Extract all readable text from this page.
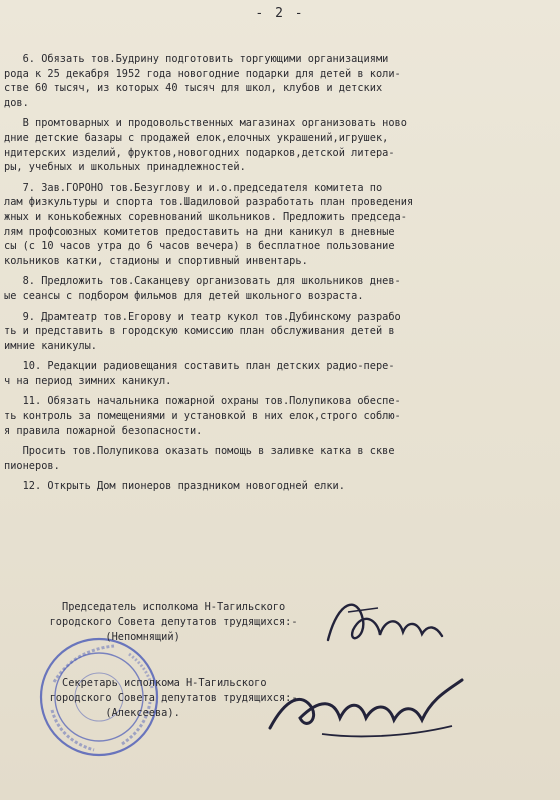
- 2 -
6. Обязать тов.Будрину подготовить торгующими организациями
рода к 25 декабря 1952 года новогодние подарки для детей в коли-
стве 60 тысяч, из которых 40 тысяч для школ, клубов и детских
дов.
В промтоварных и продовольственных магазинах организовать ново
дние детские базары с продажей елок,елочных украшений,игрушек,
ндитерских изделий, фруктов,новогодних подарков,детской литера-
ры, учебных и школьных принадлежностей.
7. Зав.ГОРОНО тов.Безуглову и и.о.председателя комитета по
лам физкультуры и спорта тов.Шадиловой разработать план проведения
жных и конькобежных соревнований школьников. Предложить председа-
лям профсоюзных комитетов предоставить на дни каникул в дневные
сы (с 10 часов утра до 6 часов вечера) в бесплатное пользование
кольников катки, стадионы и спортивный инвентарь.
8. Предложить тов.Саканцеву организовать для школьников днев-
ые сеансы с подбором фильмов для детей школьного возраста.
9. Драмтеатр тов.Егорову и театр кукол тов.Дубинскому разрабо
ть и представить в городскую комиссию план обслуживания детей в
имние каникулы.
10. Редакции радиовещания составить план детских радио-пере-
ч на период зимних каникул.
11. Обязать начальника пожарной охраны тов.Полупикова обеспе-
ть контроль за помещениями и установкой в них елок,строго соблю-
я правила пожарной безопасности.
Просить тов.Полупикова оказать помощь в заливке катка в скве
пионеров.
12. Открыть Дом пионеров праздником новогодней елки.
Председатель исполкома Н-Тагильского
городского Совета депутатов трудящихся:-
(Непомнящий)
Секретарь исполкома Н-Тагильского
городского Совета депутатов трудящихся:-
(Алексеева).
